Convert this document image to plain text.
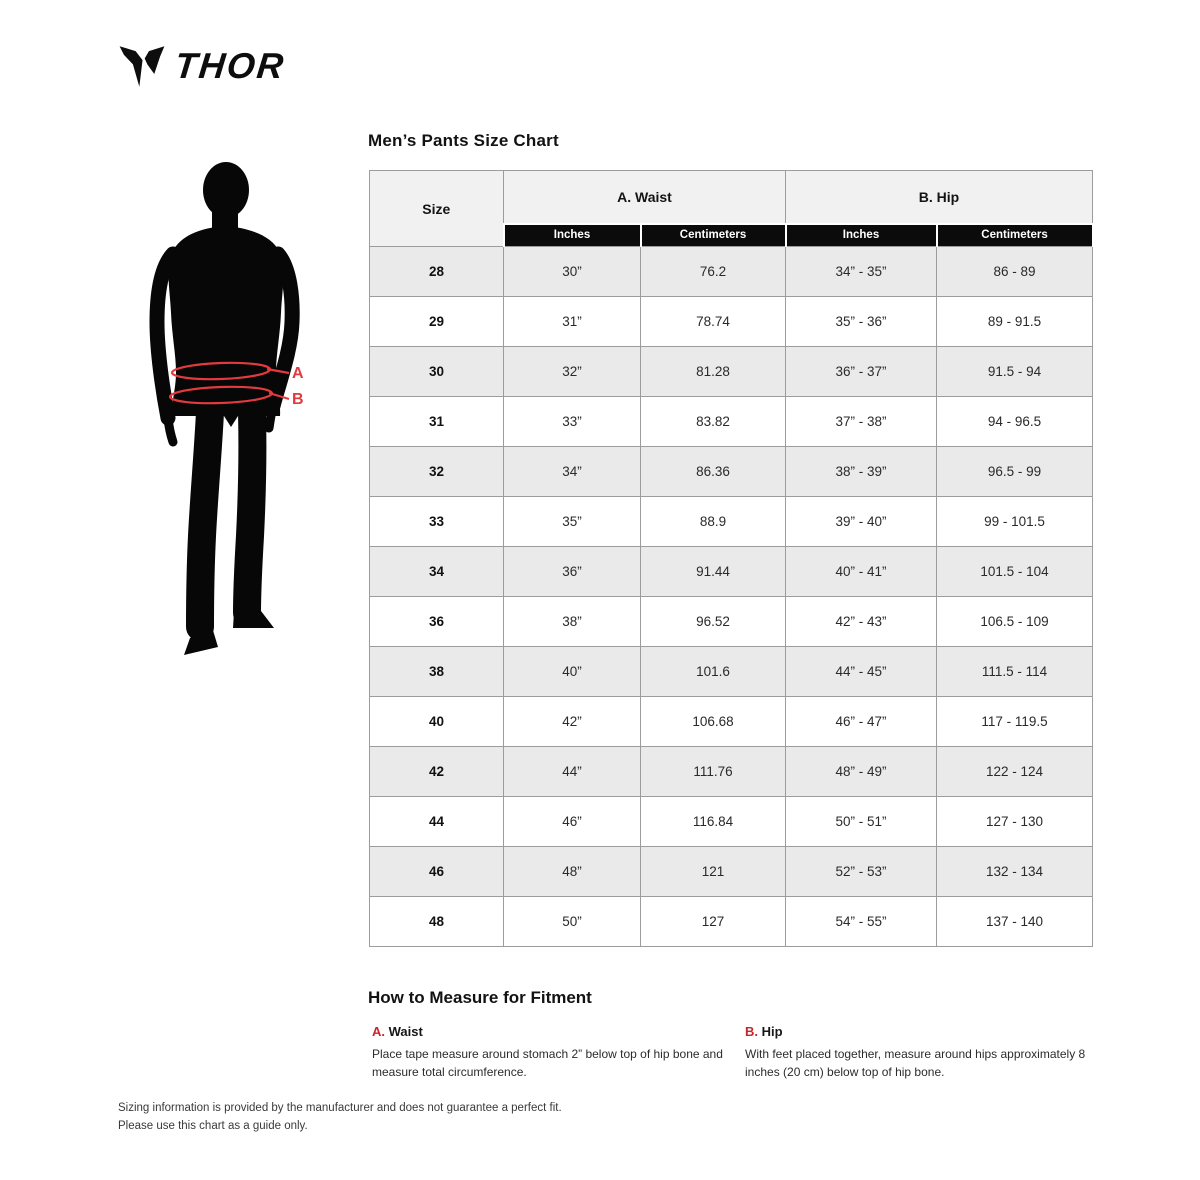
THOR
A
B
Men’s Pants Size Chart
Size	A. Waist		B. Hip	
	Inches	Centimeters	Inches	Centimeters
28	30”	76.2	34” - 35”	86 - 89
29	31”	78.74	35” - 36”	89 - 91.5
30	32”	81.28	36” - 37”	91.5 - 94
31	33”	83.82	37” - 38”	94 - 96.5
32	34”	86.36	38” - 39”	96.5 - 99
33	35”	88.9	39” - 40”	99 - 101.5
34	36”	91.44	40” - 41”	101.5 - 104
36	38”	96.52	42” - 43”	106.5 - 109
38	40”	101.6	44” - 45”	111.5 - 114
40	42”	106.68	46” - 47”	117 - 119.5
42	44”	111.76	48” - 49”	122 - 124
44	46”	116.84	50” - 51”	127 - 130
46	48”	121	52” - 53”	132 - 134
48	50”	127	54” - 55”	137 - 140
How to Measure for Fitment
A. Waist
Place tape measure around stomach 2” below top of hip bone and measure total circumference.
B. Hip
With feet placed together, measure around hips approximately 8 inches (20 cm) below top of hip bone.
Sizing information is provided by the manufacturer and does not guarantee a perfect fit.
Please use this chart as a guide only.
